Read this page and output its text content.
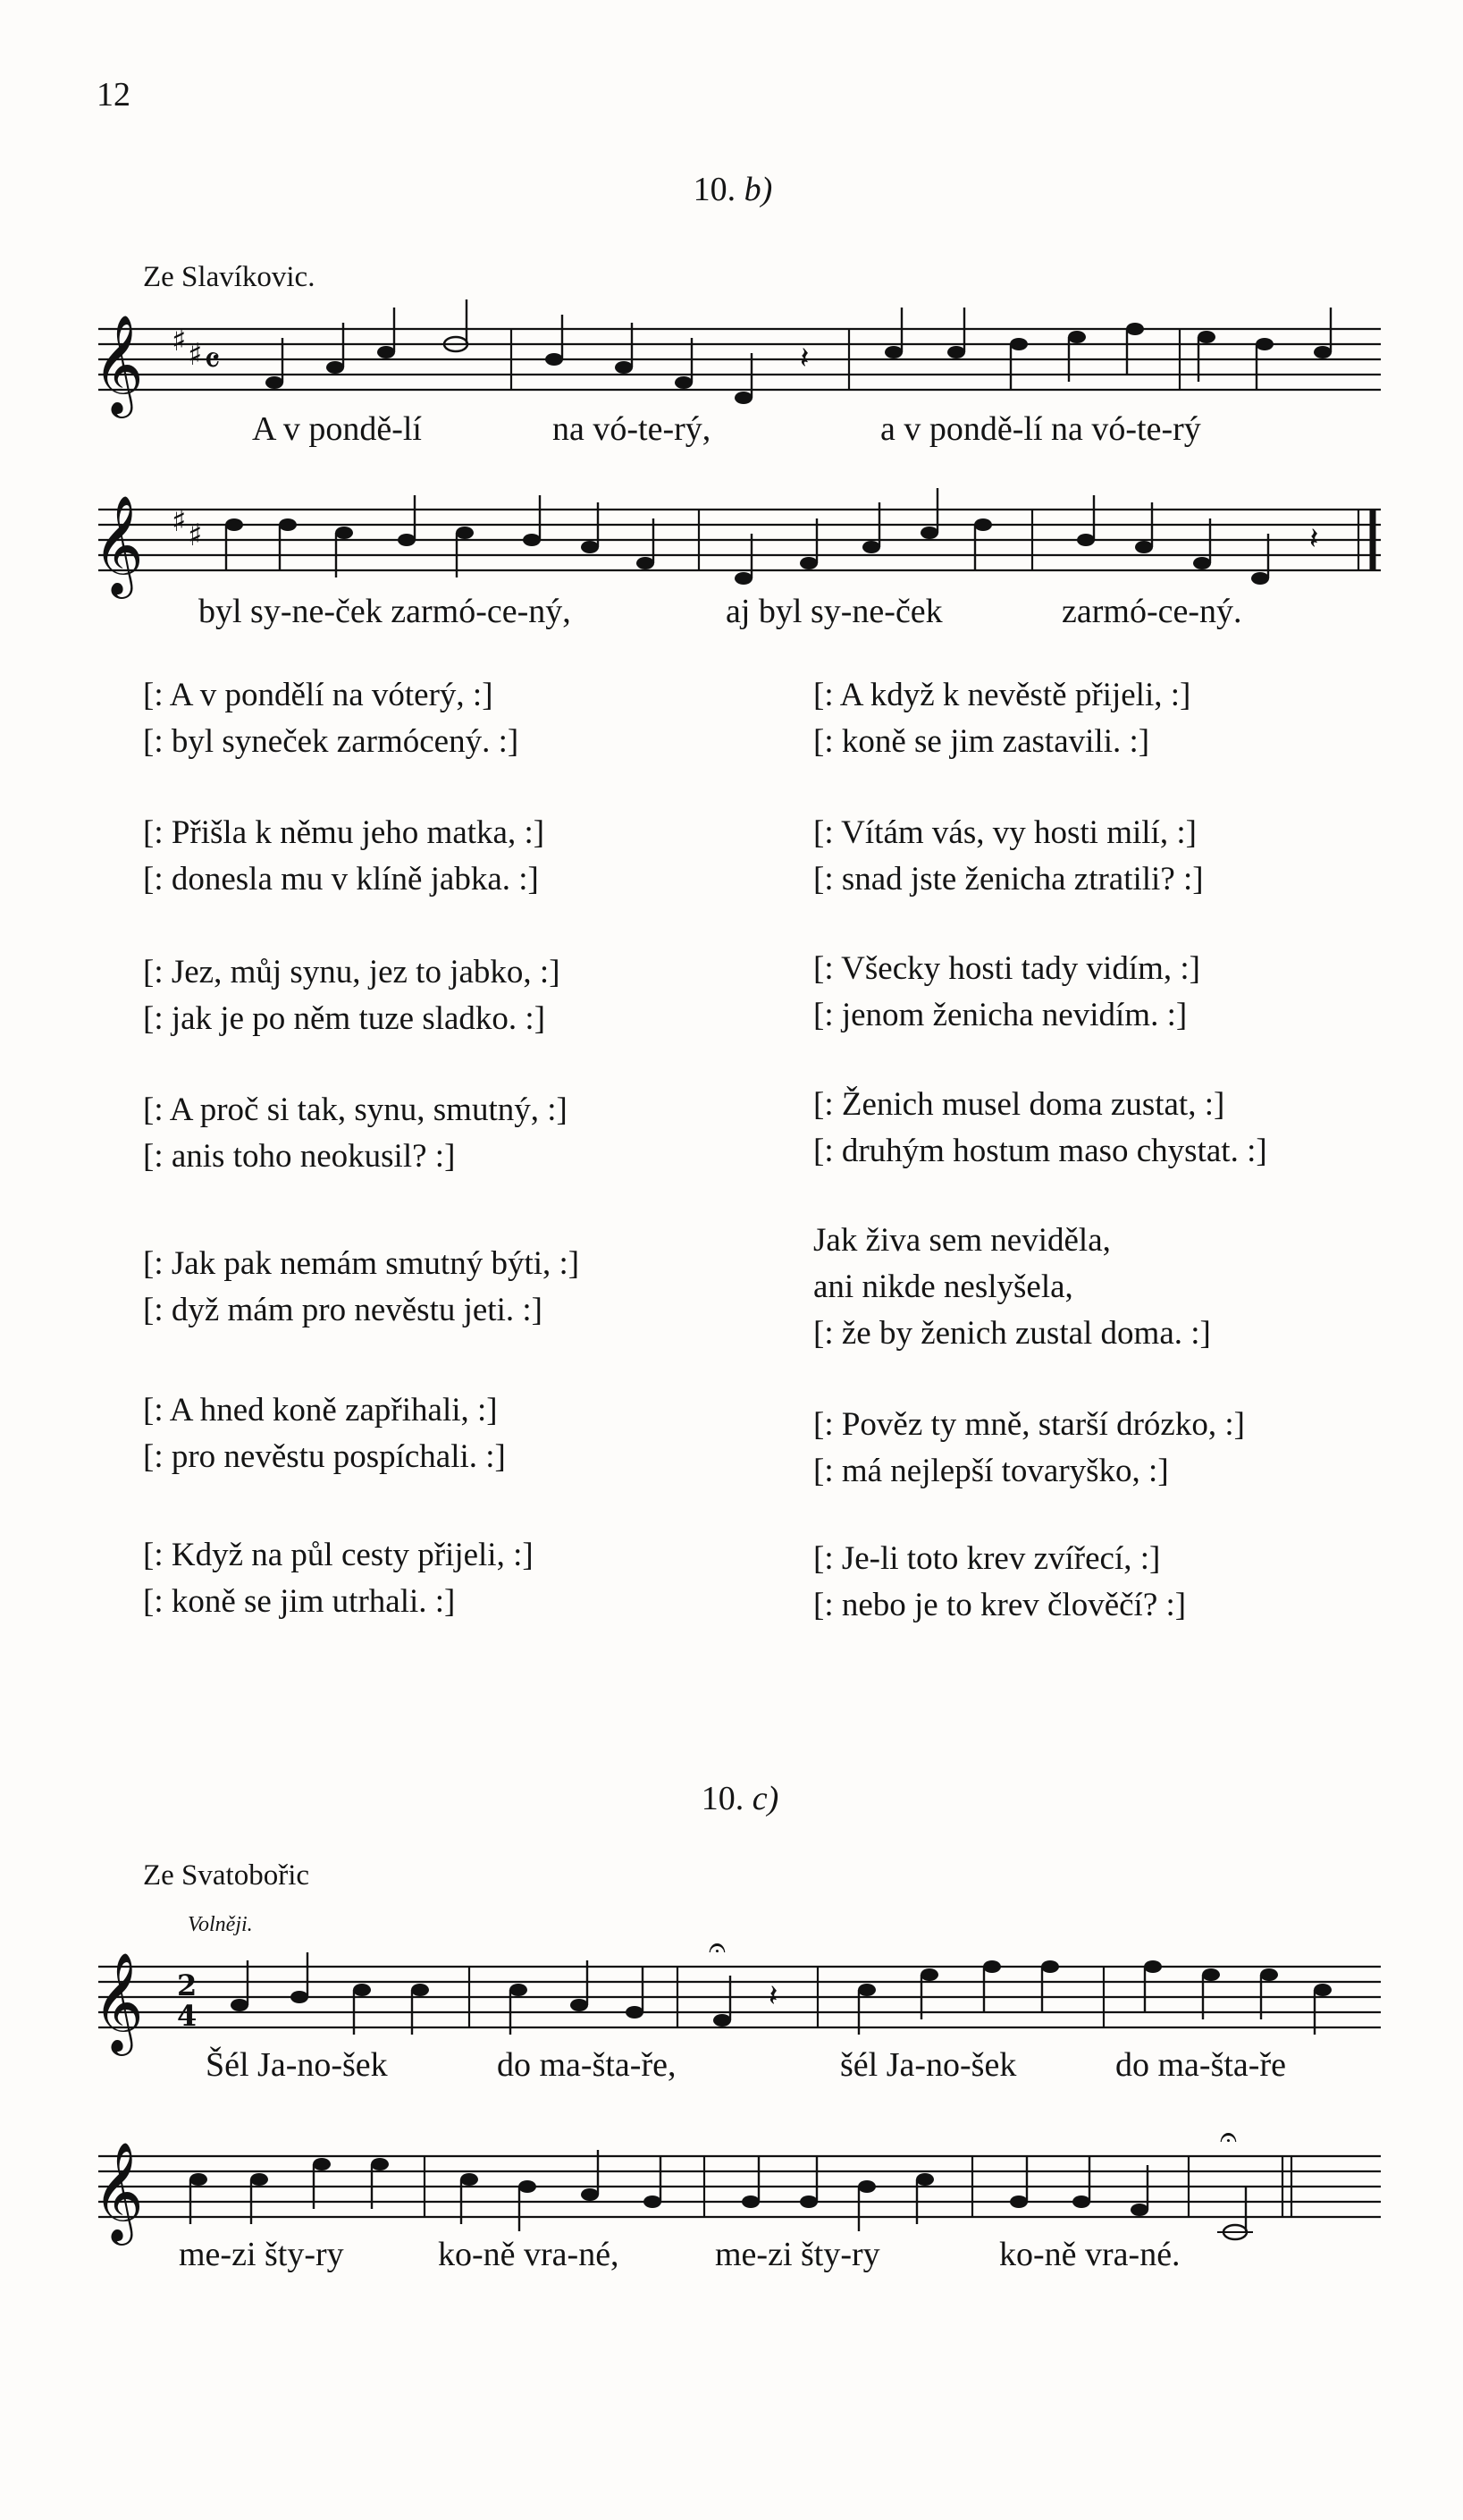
12
10. b)
Ze Slavíkovic.
𝄞 ♯ ♯ 𝄴	𝄽
A v pondě-lí	na vó-te-rý,	a v pondě-lí na vó-te-rý
𝄞 ♯ ♯	𝄽
byl sy-ne-ček zarmó-ce-ný,	aj byl sy-ne-ček	zarmó-ce-ný.
[: A v pondělí na vóterý, :]
[: byl syneček zarmócený. :]
[: Přišla k němu jeho matka, :]
[: donesla mu v klíně jabka. :]
[: Jez, můj synu, jez to jabko, :]
[: jak je po něm tuze sladko. :]
[: A proč si tak, synu, smutný, :]
[: anis toho neokusil? :]
[: Jak pak nemám smutný býti, :]
[: dyž mám pro nevěstu jeti. :]
[: A hned koně zapřihali, :]
[: pro nevěstu pospíchali. :]
[: Když na půl cesty přijeli, :]
[: koně se jim utrhali. :]
[: A když k nevěstě přijeli, :]
[: koně se jim zastavili. :]
[: Vítám vás, vy hosti milí, :]
[: snad jste ženicha ztratili? :]
[: Všecky hosti tady vidím, :]
[: jenom ženicha nevidím. :]
[: Ženich musel doma zustat, :]
[: druhým hostum maso chystat. :]
Jak živa sem neviděla,
ani nikde neslyšela,
[: že by ženich zustal doma. :]
[: Pověz ty mně, starší drózko, :]
[: má nejlepší tovaryško, :]
[: Je-li toto krev zvířecí, :]
[: nebo je to krev člověčí? :]
10. c)
Ze Svatobořic
Volněji.
𝄞 2
4
𝄐
𝄽
Šél Ja-no-šek	do ma-šta-ře,	šél Ja-no-šek	do ma-šta-ře
𝄞
𝄐
me-zi šty-ry	ko-ně vra-né,	me-zi šty-ry	ko-ně vra-né.
